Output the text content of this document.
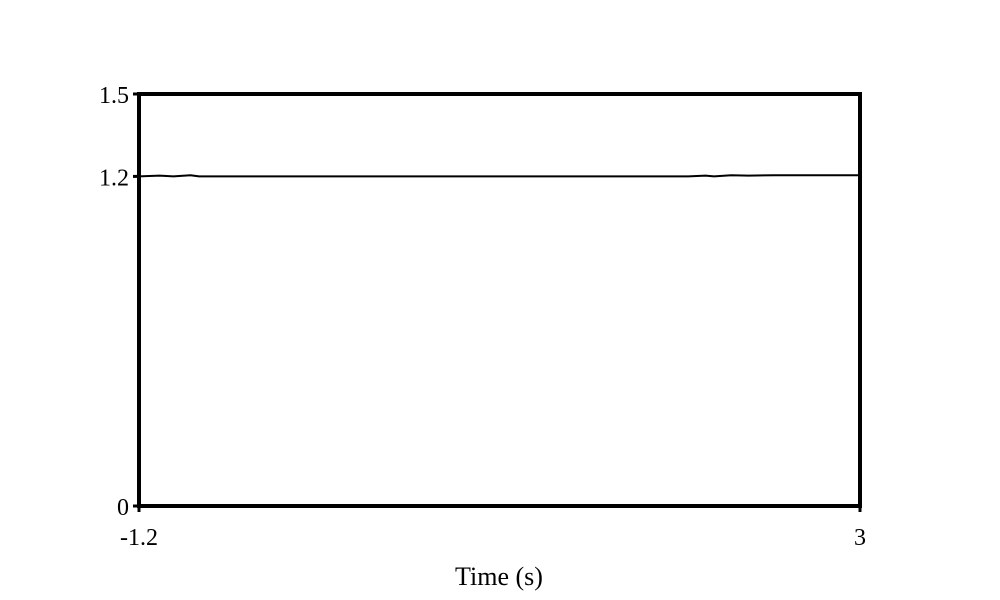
0
1.2
1.5
-1.2	3
Time (s)
